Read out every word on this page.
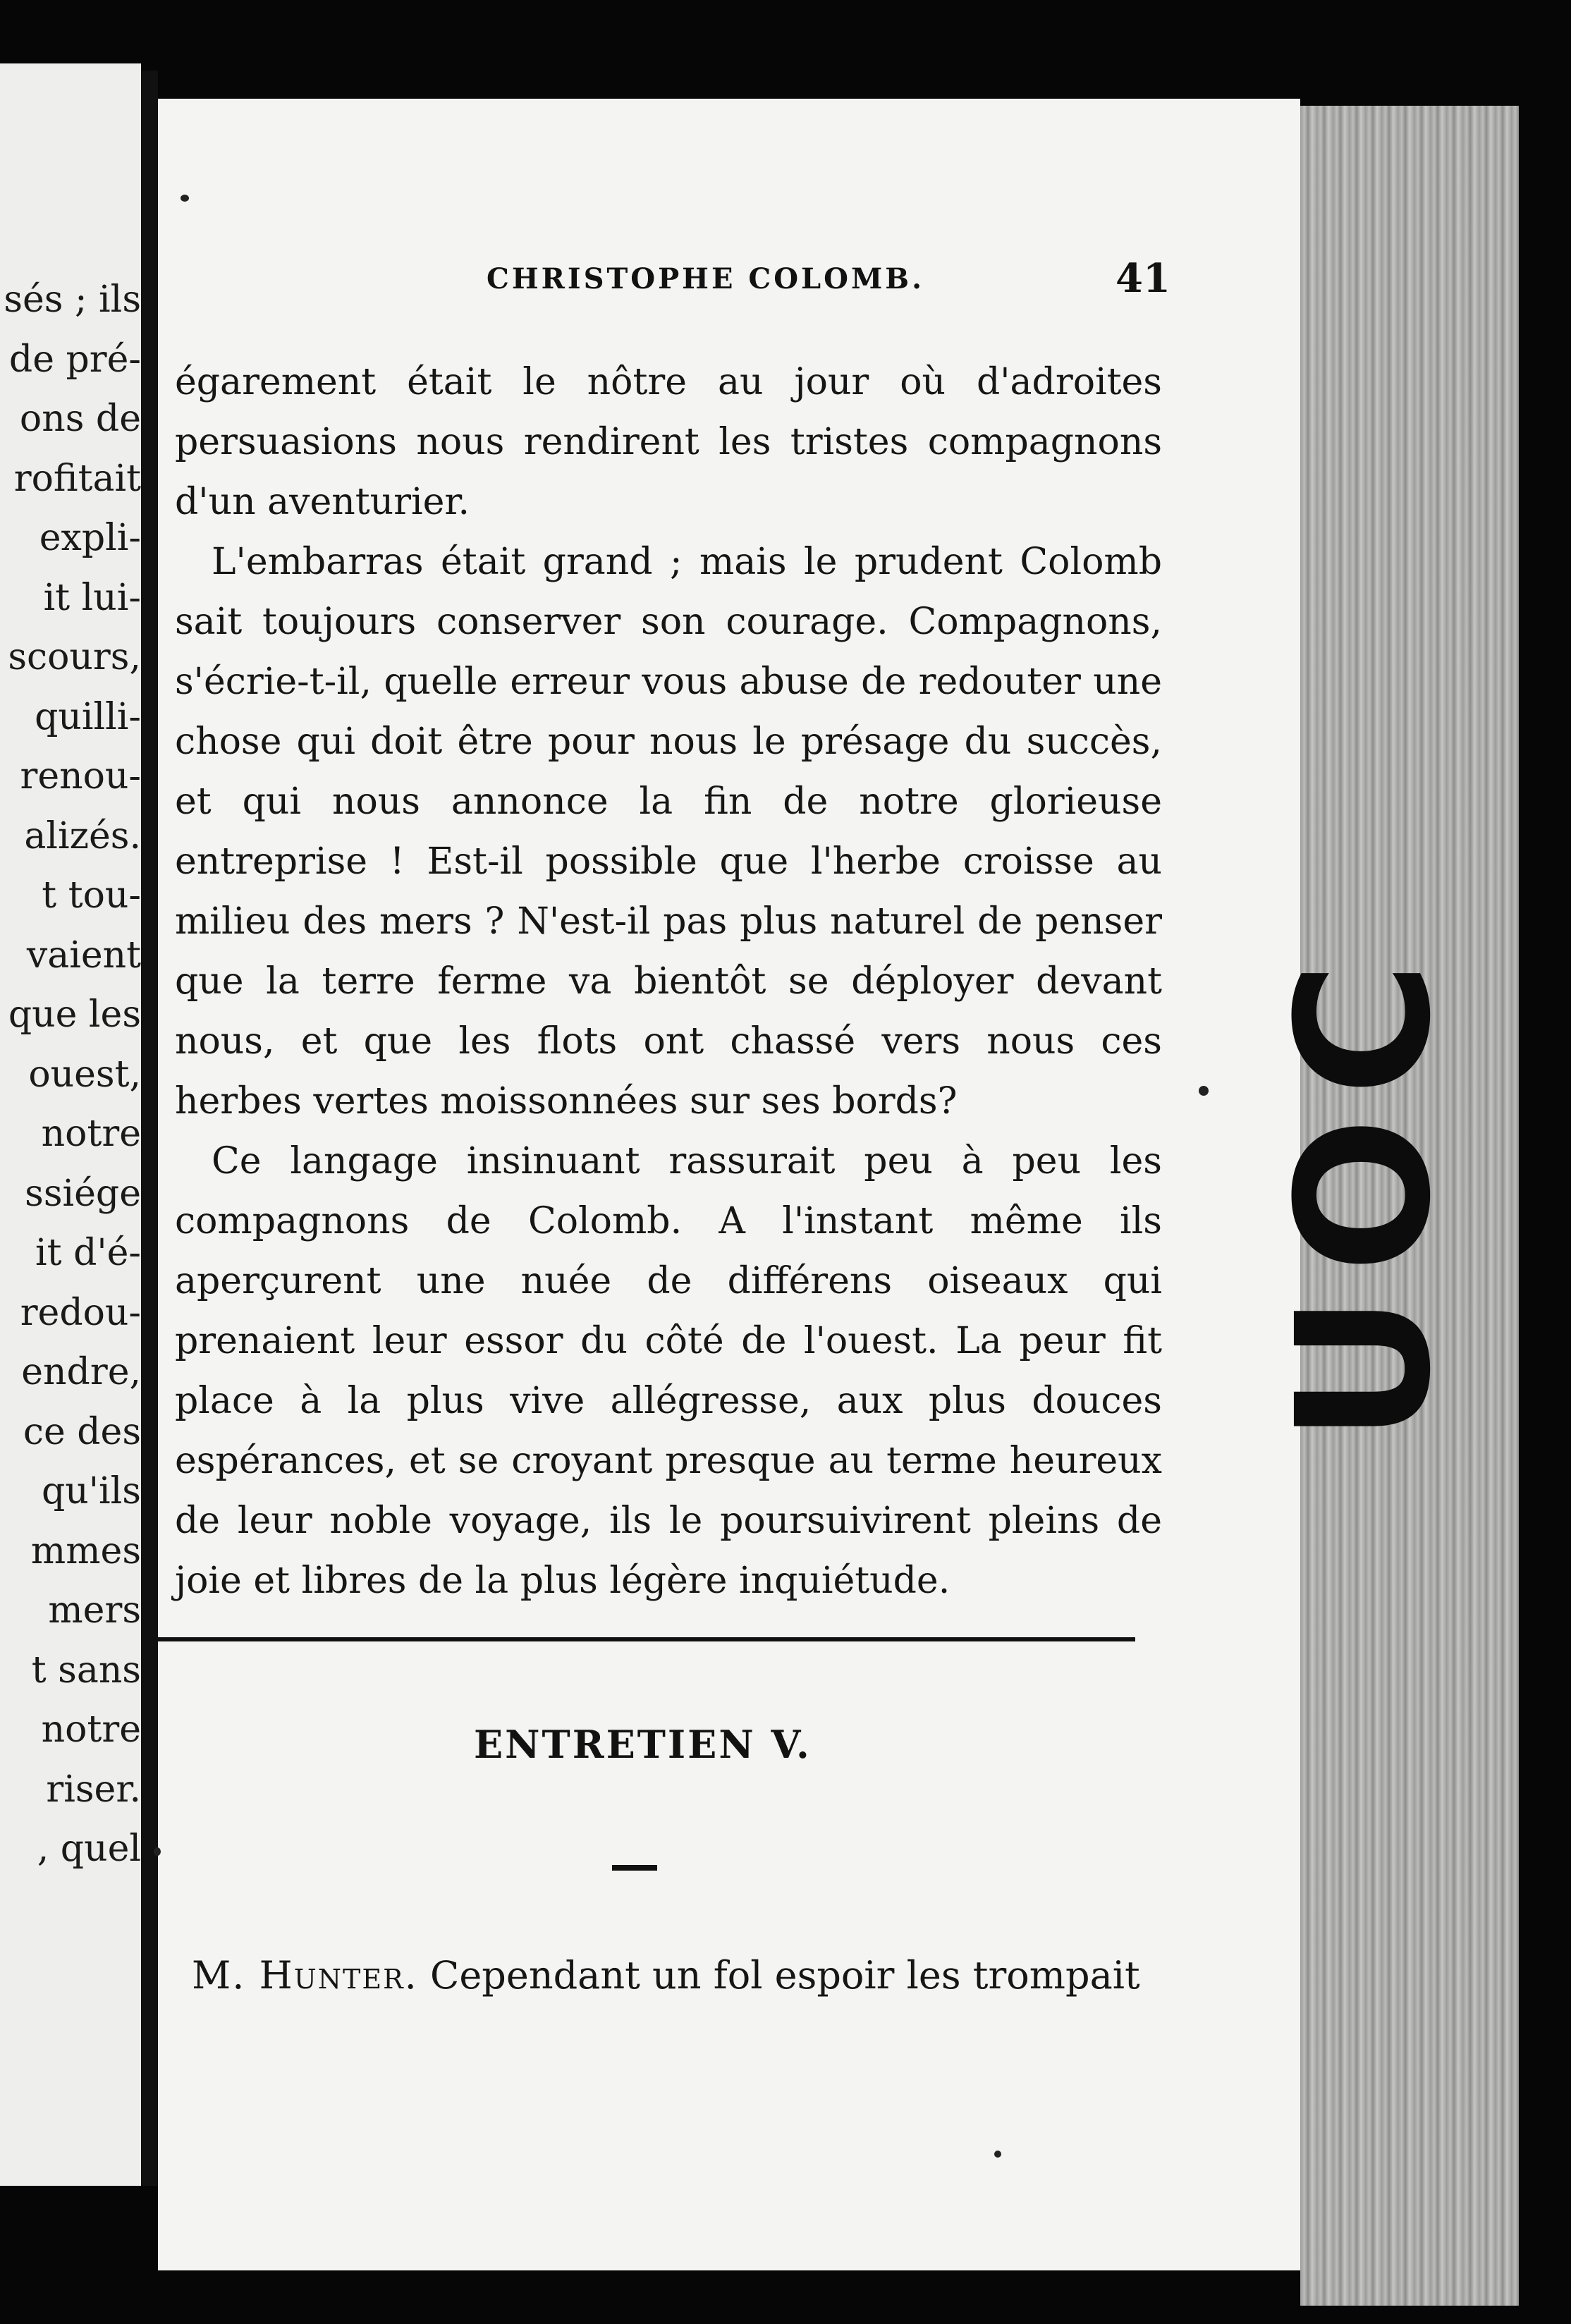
sés ; ils
de pré-
ons de
rofitait
expli-
it lui-
scours,
quilli-
renou-
alizés.
t tou-
vaient
que les
ouest,
notre
ssiége
it d'é-
redou-
endre,
ce des
qu'ils
mmes
mers
t sans
notre
riser.
, quel
UOC
CHRISTOPHE COLOMB.	41

égarement était le nôtre au jour où d'adroites persuasions nous rendirent les tristes compagnons d'un aventurier.

L'embarras était grand ; mais le prudent Colomb sait toujours conserver son courage. Compagnons, s'écrie-t-il, quelle erreur vous abuse de redouter une chose qui doit être pour nous le présage du succès, et qui nous annonce la fin de notre glorieuse entreprise ! Est-il possible que l'herbe croisse au milieu des mers ? N'est-il pas plus naturel de penser que la terre ferme va bientôt se déployer devant nous, et que les flots ont chassé vers nous ces herbes vertes moissonnées sur ses bords?

Ce langage insinuant rassurait peu à peu les compagnons de Colomb. A l'instant même ils aperçurent une nuée de différens oiseaux qui prenaient leur essor du côté de l'ouest. La peur fit place à la plus vive allégresse, aux plus douces espérances, et se croyant presque au terme heureux de leur noble voyage, ils le poursuivirent pleins de joie et libres de la plus légère inquiétude.

ENTRETIEN V.
M. Hunter. Cependant un fol espoir les trompait
